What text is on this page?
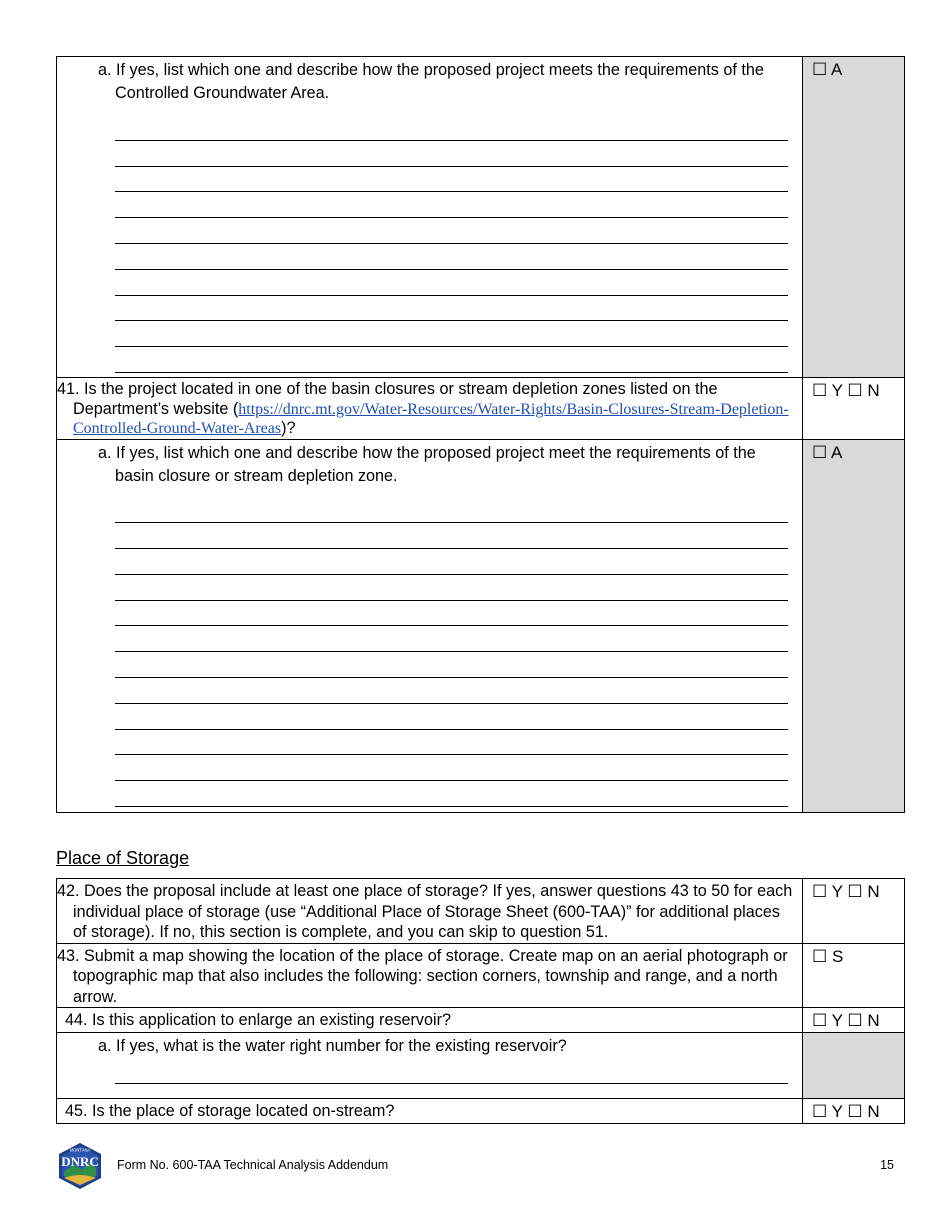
a. If yes, list which one and describe how the proposed project meets the requirements of the Controlled Groundwater Area.	☐ A

41. Is the project located in one of the basin closures or stream depletion zones listed on the Department’s website (https://dnrc.mt.gov/Water-Resources/Water-Rights/Basin-Closures-Stream-Depletion-Controlled-Ground-Water-Areas)?	☐ Y ☐ N

a. If yes, list which one and describe how the proposed project meet the requirements of the basin closure or stream depletion zone.	☐ A
Place of Storage
42. Does the proposal include at least one place of storage? If yes, answer questions 43 to 50 for each individual place of storage (use “Additional Place of Storage Sheet (600-TAA)” for additional places of storage). If no, this section is complete, and you can skip to question 51.	☐ Y ☐ N

43. Submit a map showing the location of the place of storage. Create map on an aerial photograph or topographic map that also includes the following: section corners, township and range, and a north arrow.	☐ S

44. Is this application to enlarge an existing reservoir?	☐ Y ☐ N

a. If yes, what is the water right number for the existing reservoir?	

45. Is the place of storage located on-stream?	☐ Y ☐ N
MONTANA
DNRC Form No. 600-TAA Technical Analysis Addendum	15
